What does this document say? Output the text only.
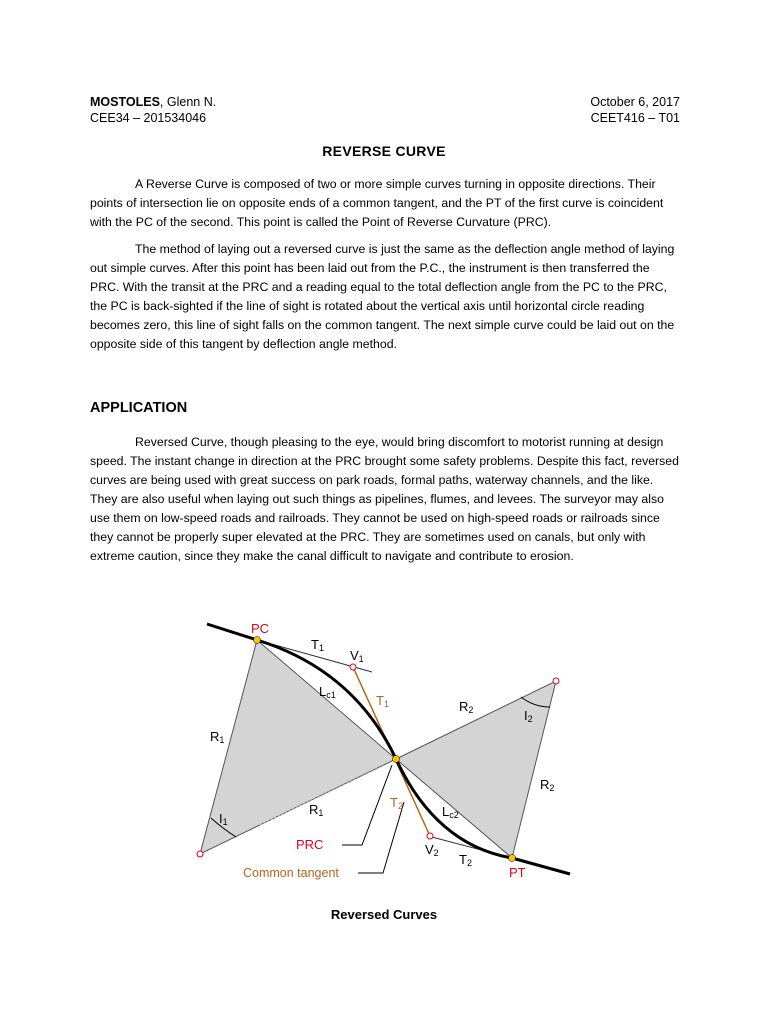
MOSTOLES, Glenn N.
CEE34 – 201534046
October 6, 2017
CEET416 – T01
REVERSE CURVE

A Reverse Curve is composed of two or more simple curves turning in opposite directions. Their points of intersection lie on opposite ends of a common tangent, and the PT of the first curve is coincident with the PC of the second. This point is called the Point of Reverse Curvature (PRC).

The method of laying out a reversed curve is just the same as the deflection angle method of laying out simple curves. After this point has been laid out from the P.C., the instrument is then transferred the PRC. With the transit at the PRC and a reading equal to the total deflection angle from the PC to the PRC, the PC is back-sighted if the line of sight is rotated about the vertical axis until horizontal circle reading becomes zero, this line of sight falls on the common tangent. The next simple curve could be laid out on the opposite side of this tangent by deflection angle method.

APPLICATION

Reversed Curve, though pleasing to the eye, would bring discomfort to motorist running at design speed. The instant change in direction at the PRC brought some safety problems. Despite this fact, reversed curves are being used with great success on park roads, formal paths, waterway channels, and the like. They are also useful when laying out such things as pipelines, flumes, and levees. The surveyor may also use them on low-speed roads and railroads. They cannot be used on high-speed roads or railroads since they cannot be properly super elevated at the PRC. They are sometimes used on canals, but only with extreme caution, since they make the canal difficult to navigate and contribute to erosion.

PC
PT
PRC
Common tangent
T1 V1
Lc1	T1
R1
R1
I1
R2	I2
R2
T2	Lc2
V2 T2
Reversed Curves
